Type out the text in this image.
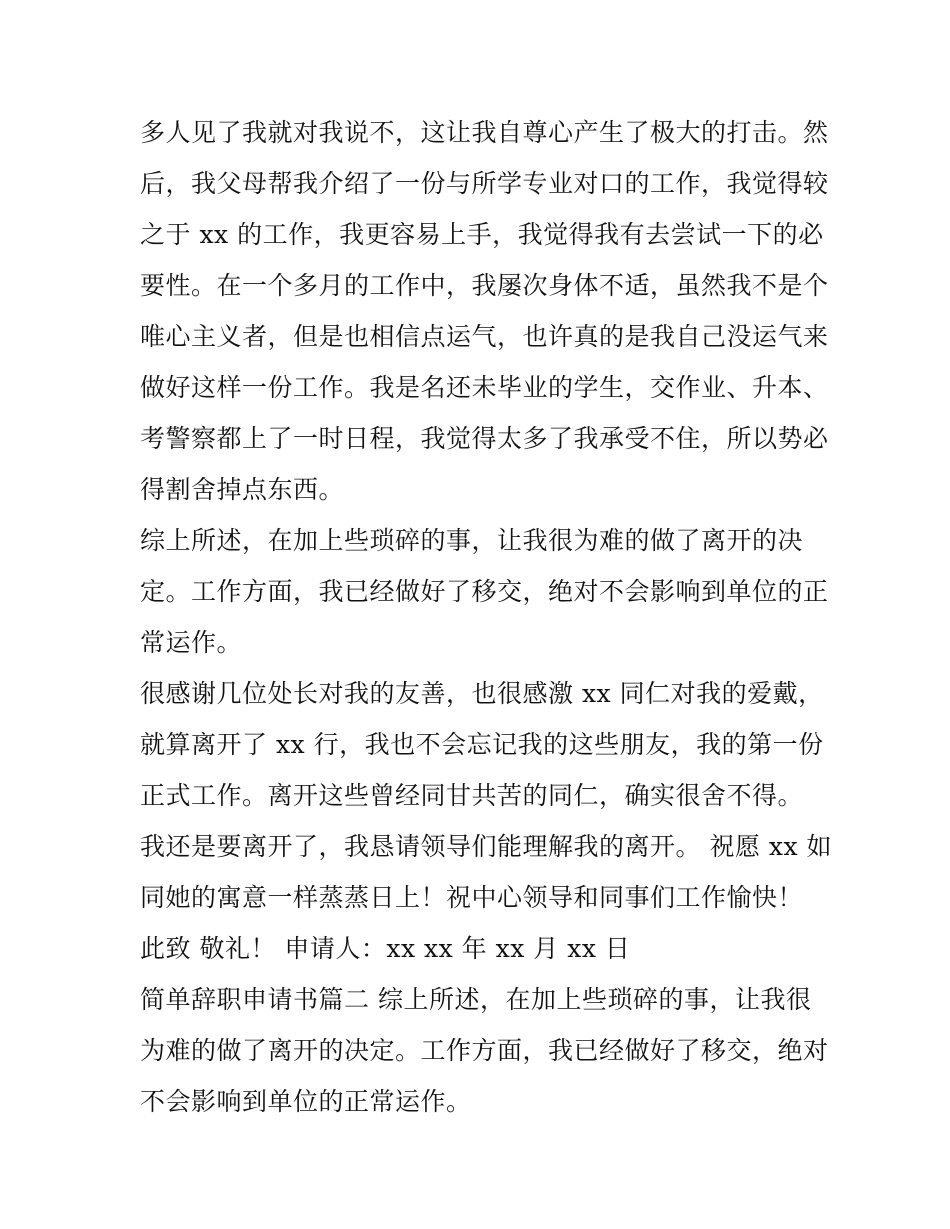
多人见了我就对我说不，这让我自尊心产生了极大的打击。然
后，我父母帮我介绍了一份与所学专业对口的工作，我觉得较
之于 xx 的工作，我更容易上手，我觉得我有去尝试一下的必
要性。在一个多月的工作中，我屡次身体不适，虽然我不是个
唯心主义者，但是也相信点运气，也许真的是我自己没运气来
做好这样一份工作。我是名还未毕业的学生，交作业、升本、
考警察都上了一时日程，我觉得太多了我承受不住，所以势必
得割舍掉点东西。
综上所述，在加上些琐碎的事，让我很为难的做了离开的决
定。工作方面，我已经做好了移交，绝对不会影响到单位的正
常运作。
很感谢几位处长对我的友善，也很感激 xx 同仁对我的爱戴，
就算离开了 xx 行，我也不会忘记我的这些朋友，我的第一份
正式工作。离开这些曾经同甘共苦的同仁，确实很舍不得。
我还是要离开了，我恳请领导们能理解我的离开。 祝愿 xx 如
同她的寓意一样蒸蒸日上！祝中心领导和同事们工作愉快！
此致 敬礼！ 申请人：xx xx 年 xx 月 xx 日
简单辞职申请书篇二 综上所述，在加上些琐碎的事，让我很
为难的做了离开的决定。工作方面，我已经做好了移交，绝对
不会影响到单位的正常运作。
